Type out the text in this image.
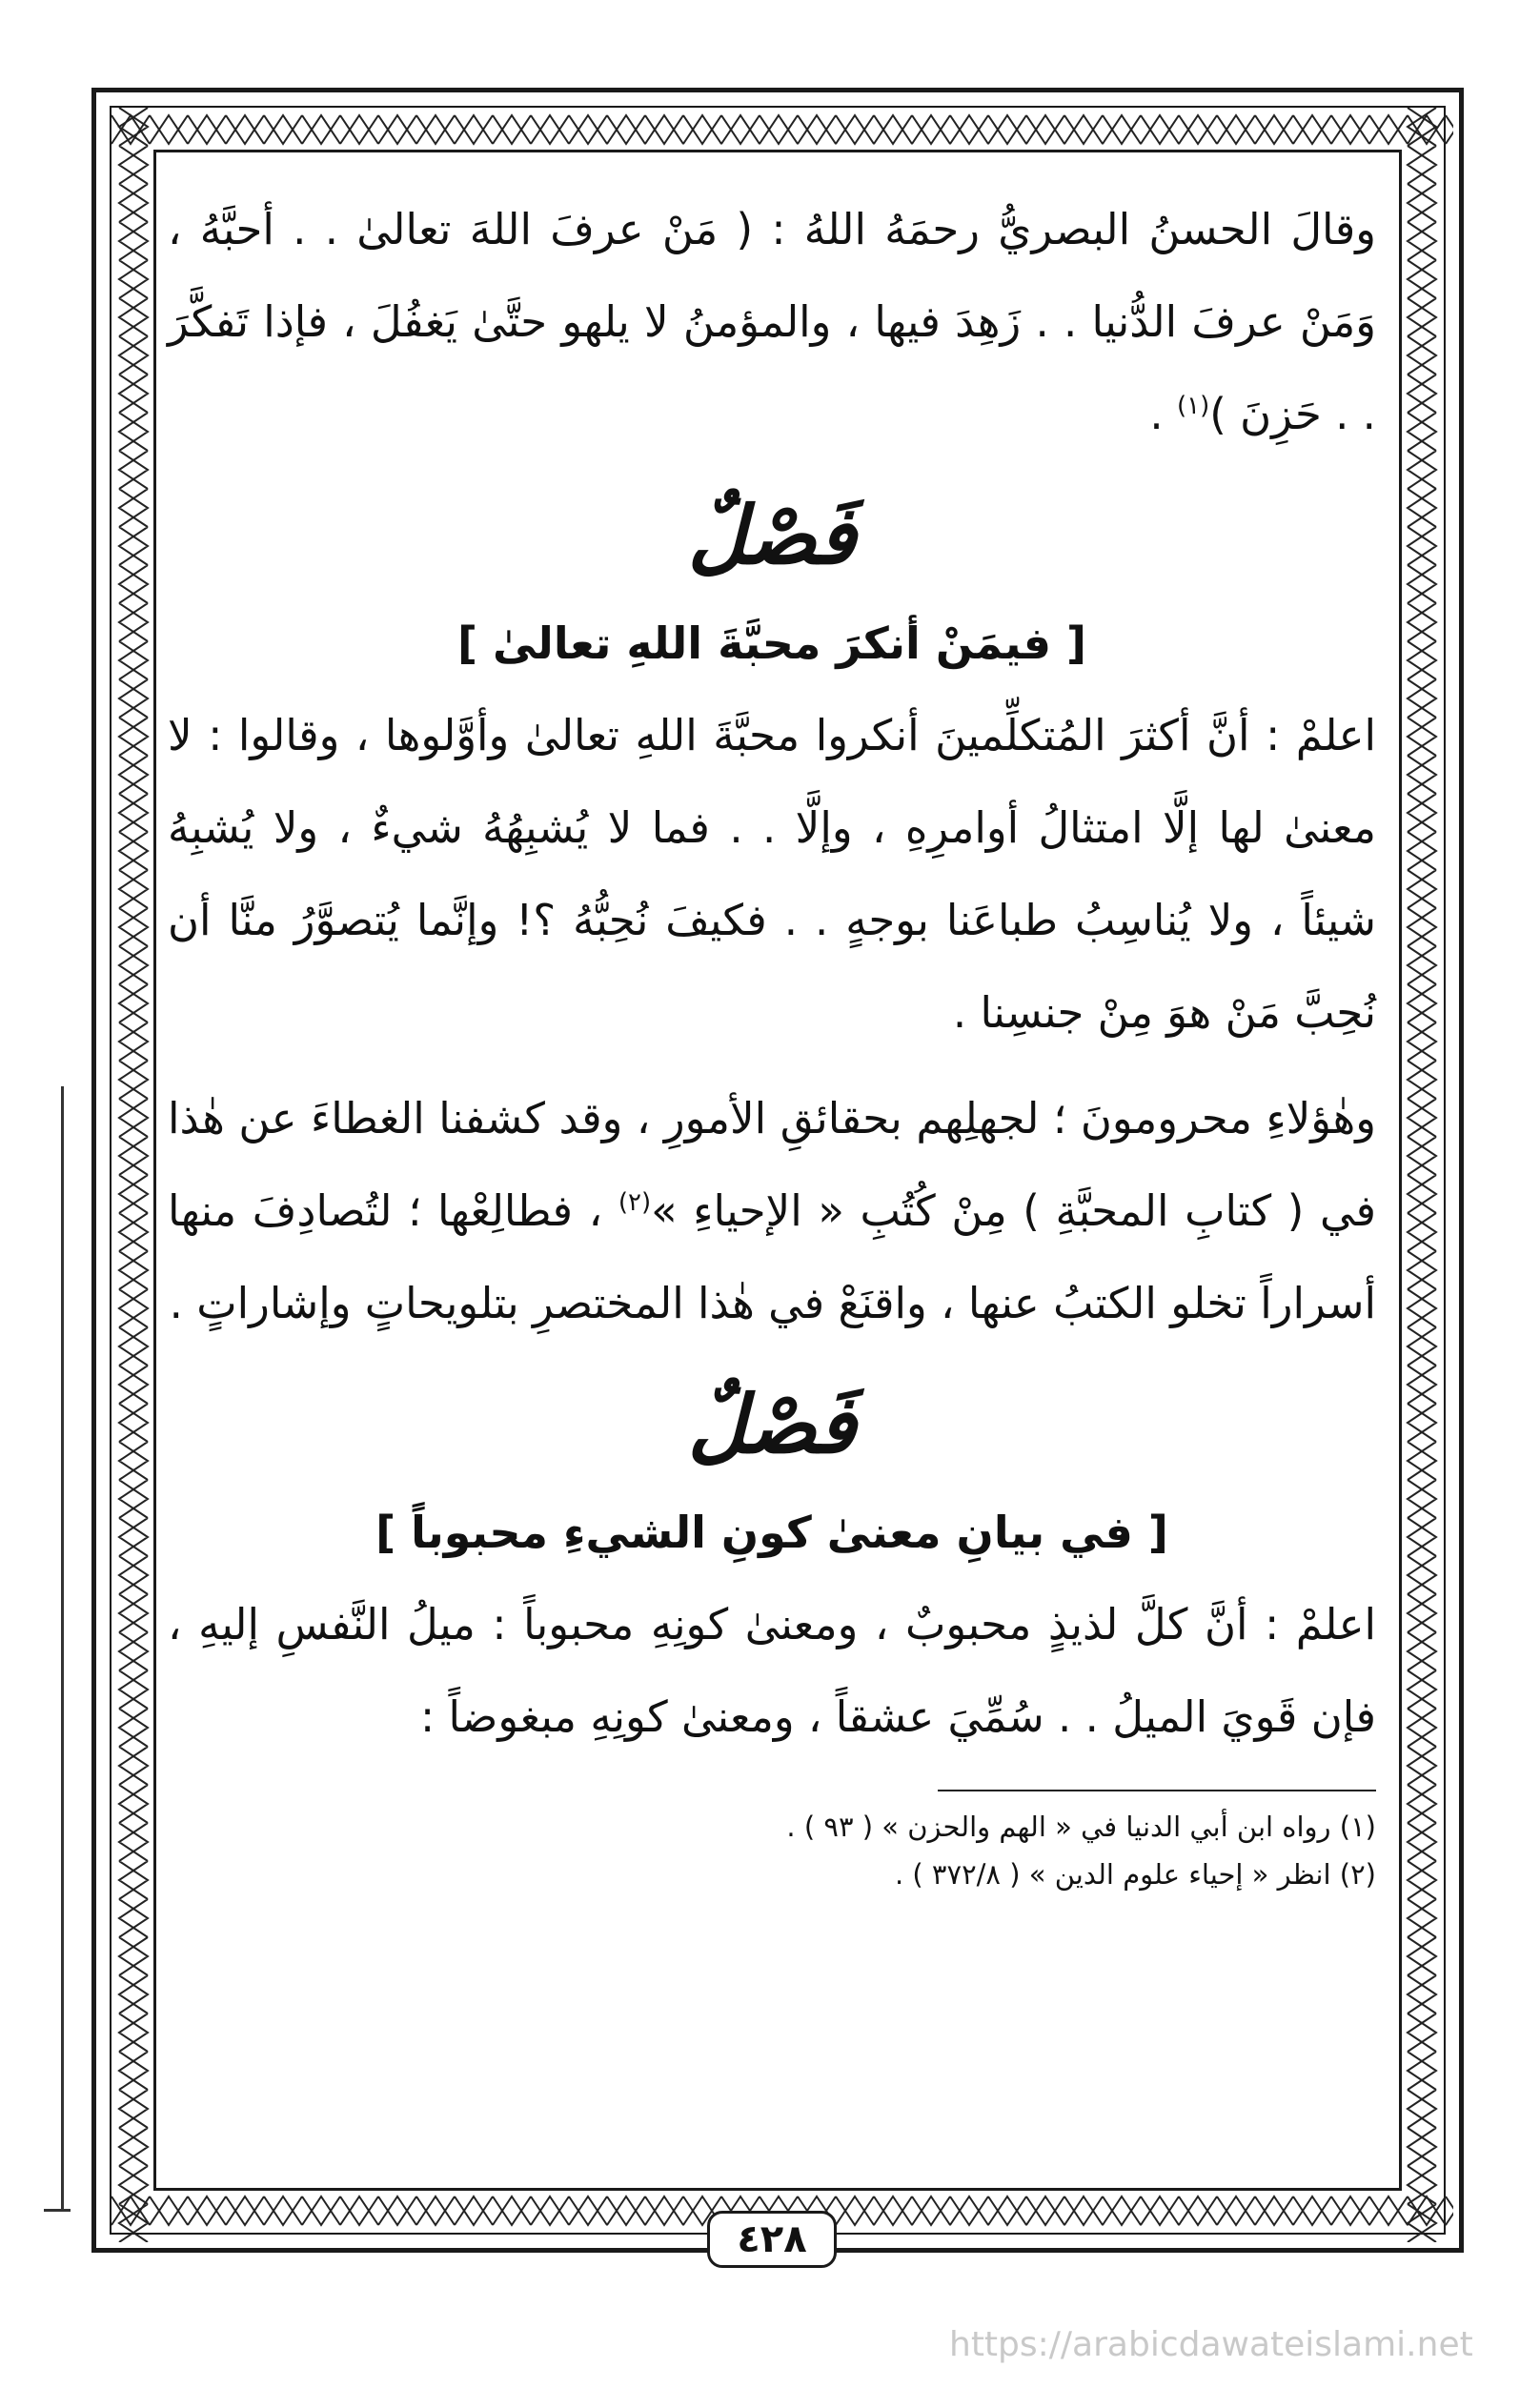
وقالَ الحسنُ البصريُّ رحمَهُ اللهُ : ( مَنْ عرفَ اللهَ تعالىٰ . . أحبَّهُ ، وَمَنْ عرفَ الدُّنيا . . زَهِدَ فيها ، والمؤمنُ لا يلهو حتَّىٰ يَغفُلَ ، فإذا تَفكَّرَ . . حَزِنَ )$^{(١)}$ .

فَصْلٌ
[ فيمَنْ أنكرَ محبَّةَ اللهِ تعالىٰ ]

اعلمْ : أنَّ أكثرَ المُتكلِّمينَ أنكروا محبَّةَ اللهِ تعالىٰ وأوَّلوها ، وقالوا : لا معنىٰ لها إلَّا امتثالُ أوامرِهِ ، وإلَّا . . فما لا يُشبِهُهُ شيءٌ ، ولا يُشبِهُ شيئاً ، ولا يُناسِبُ طباعَنا بوجهٍ . . فكيفَ نُحِبُّهُ ؟! وإنَّما يُتصوَّرُ منَّا أن نُحِبَّ مَنْ هوَ مِنْ جنسِنا .

وهٰؤلاءِ محرومونَ ؛ لجهلِهم بحقائقِ الأمورِ ، وقد كشفنا الغطاءَ عن هٰذا في ( كتابِ المحبَّةِ ) مِنْ كُتُبِ « الإحياءِ »$^{(٢)}$ ، فطالِعْها ؛ لتُصادِفَ منها أسراراً تخلو الكتبُ عنها ، واقنَعْ في هٰذا المختصرِ بتلويحاتٍ وإشاراتٍ .

فَصْلٌ
[ في بيانِ معنىٰ كونِ الشيءِ محبوباً ]

اعلمْ : أنَّ كلَّ لذيذٍ محبوبٌ ، ومعنىٰ كونِهِ محبوباً : ميلُ النَّفسِ إليهِ ، فإن قَويَ الميلُ . . سُمِّيَ عشقاً ، ومعنىٰ كونِهِ مبغوضاً :

(١) رواه ابن أبي الدنيا في « الهم والحزن » ( ٩٣ ) .

(٢) انظر « إحياء علوم الدين » ( ٣٧٢/٨ ) .

٤٢٨
https://arabicdawateislami.net
